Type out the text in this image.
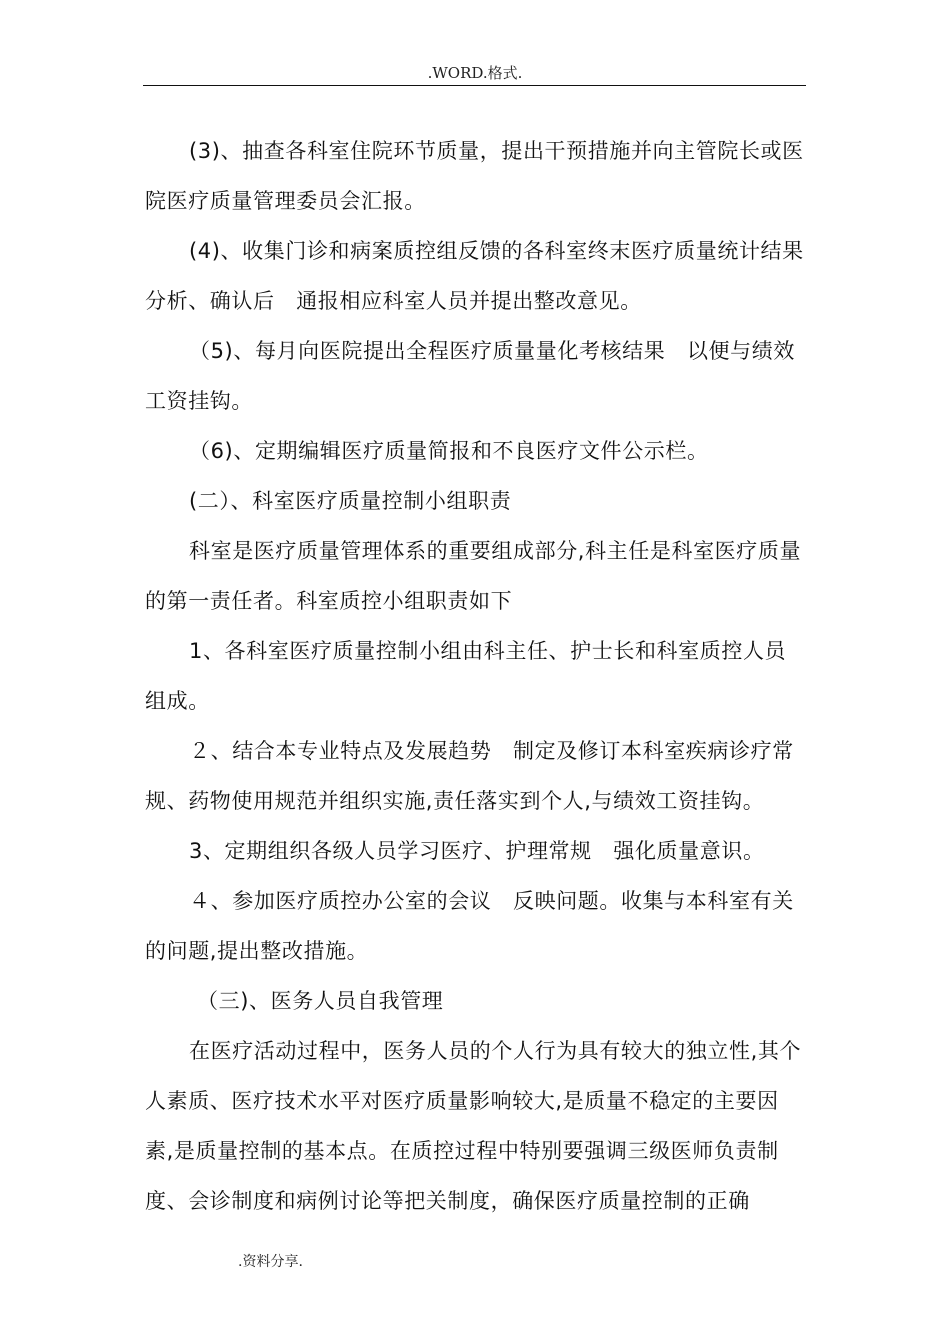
.WORD.格式.

(3)、抽查各科室住院环节质量，提出干预措施并向主管院长或医院医疗质量管理委员会汇报。

(4)、收集门诊和病案质控组反馈的各科室终末医疗质量统计结果　分析、确认后　通报相应科室人员并提出整改意见。

（5)、每月向医院提出全程医疗质量量化考核结果　以便与绩效工资挂钩。

（6)、定期编辑医疗质量简报和不良医疗文件公示栏。

(二）、科室医疗质量控制小组职责

科室是医疗质量管理体系的重要组成部分,科主任是科室医疗质量的第一责任者。科室质控小组职责如下

1、各科室医疗质量控制小组由科主任、护士长和科室质控人员组成。

２、结合本专业特点及发展趋势　制定及修订本科室疾病诊疗常规、药物使用规范并组织实施,责任落实到个人,与绩效工资挂钩。

3、定期组织各级人员学习医疗、护理常规　强化质量意识。

４、参加医疗质控办公室的会议　反映问题。收集与本科室有关的问题,提出整改措施。

（三)、医务人员自我管理

在医疗活动过程中，医务人员的个人行为具有较大的独立性,其个人素质、医疗技术水平对医疗质量影响较大,是质量不稳定的主要因素,是质量控制的基本点。在质控过程中特别要强调三级医师负责制度、会诊制度和病例讨论等把关制度，确保医疗质量控制的正确

.资料分享.
